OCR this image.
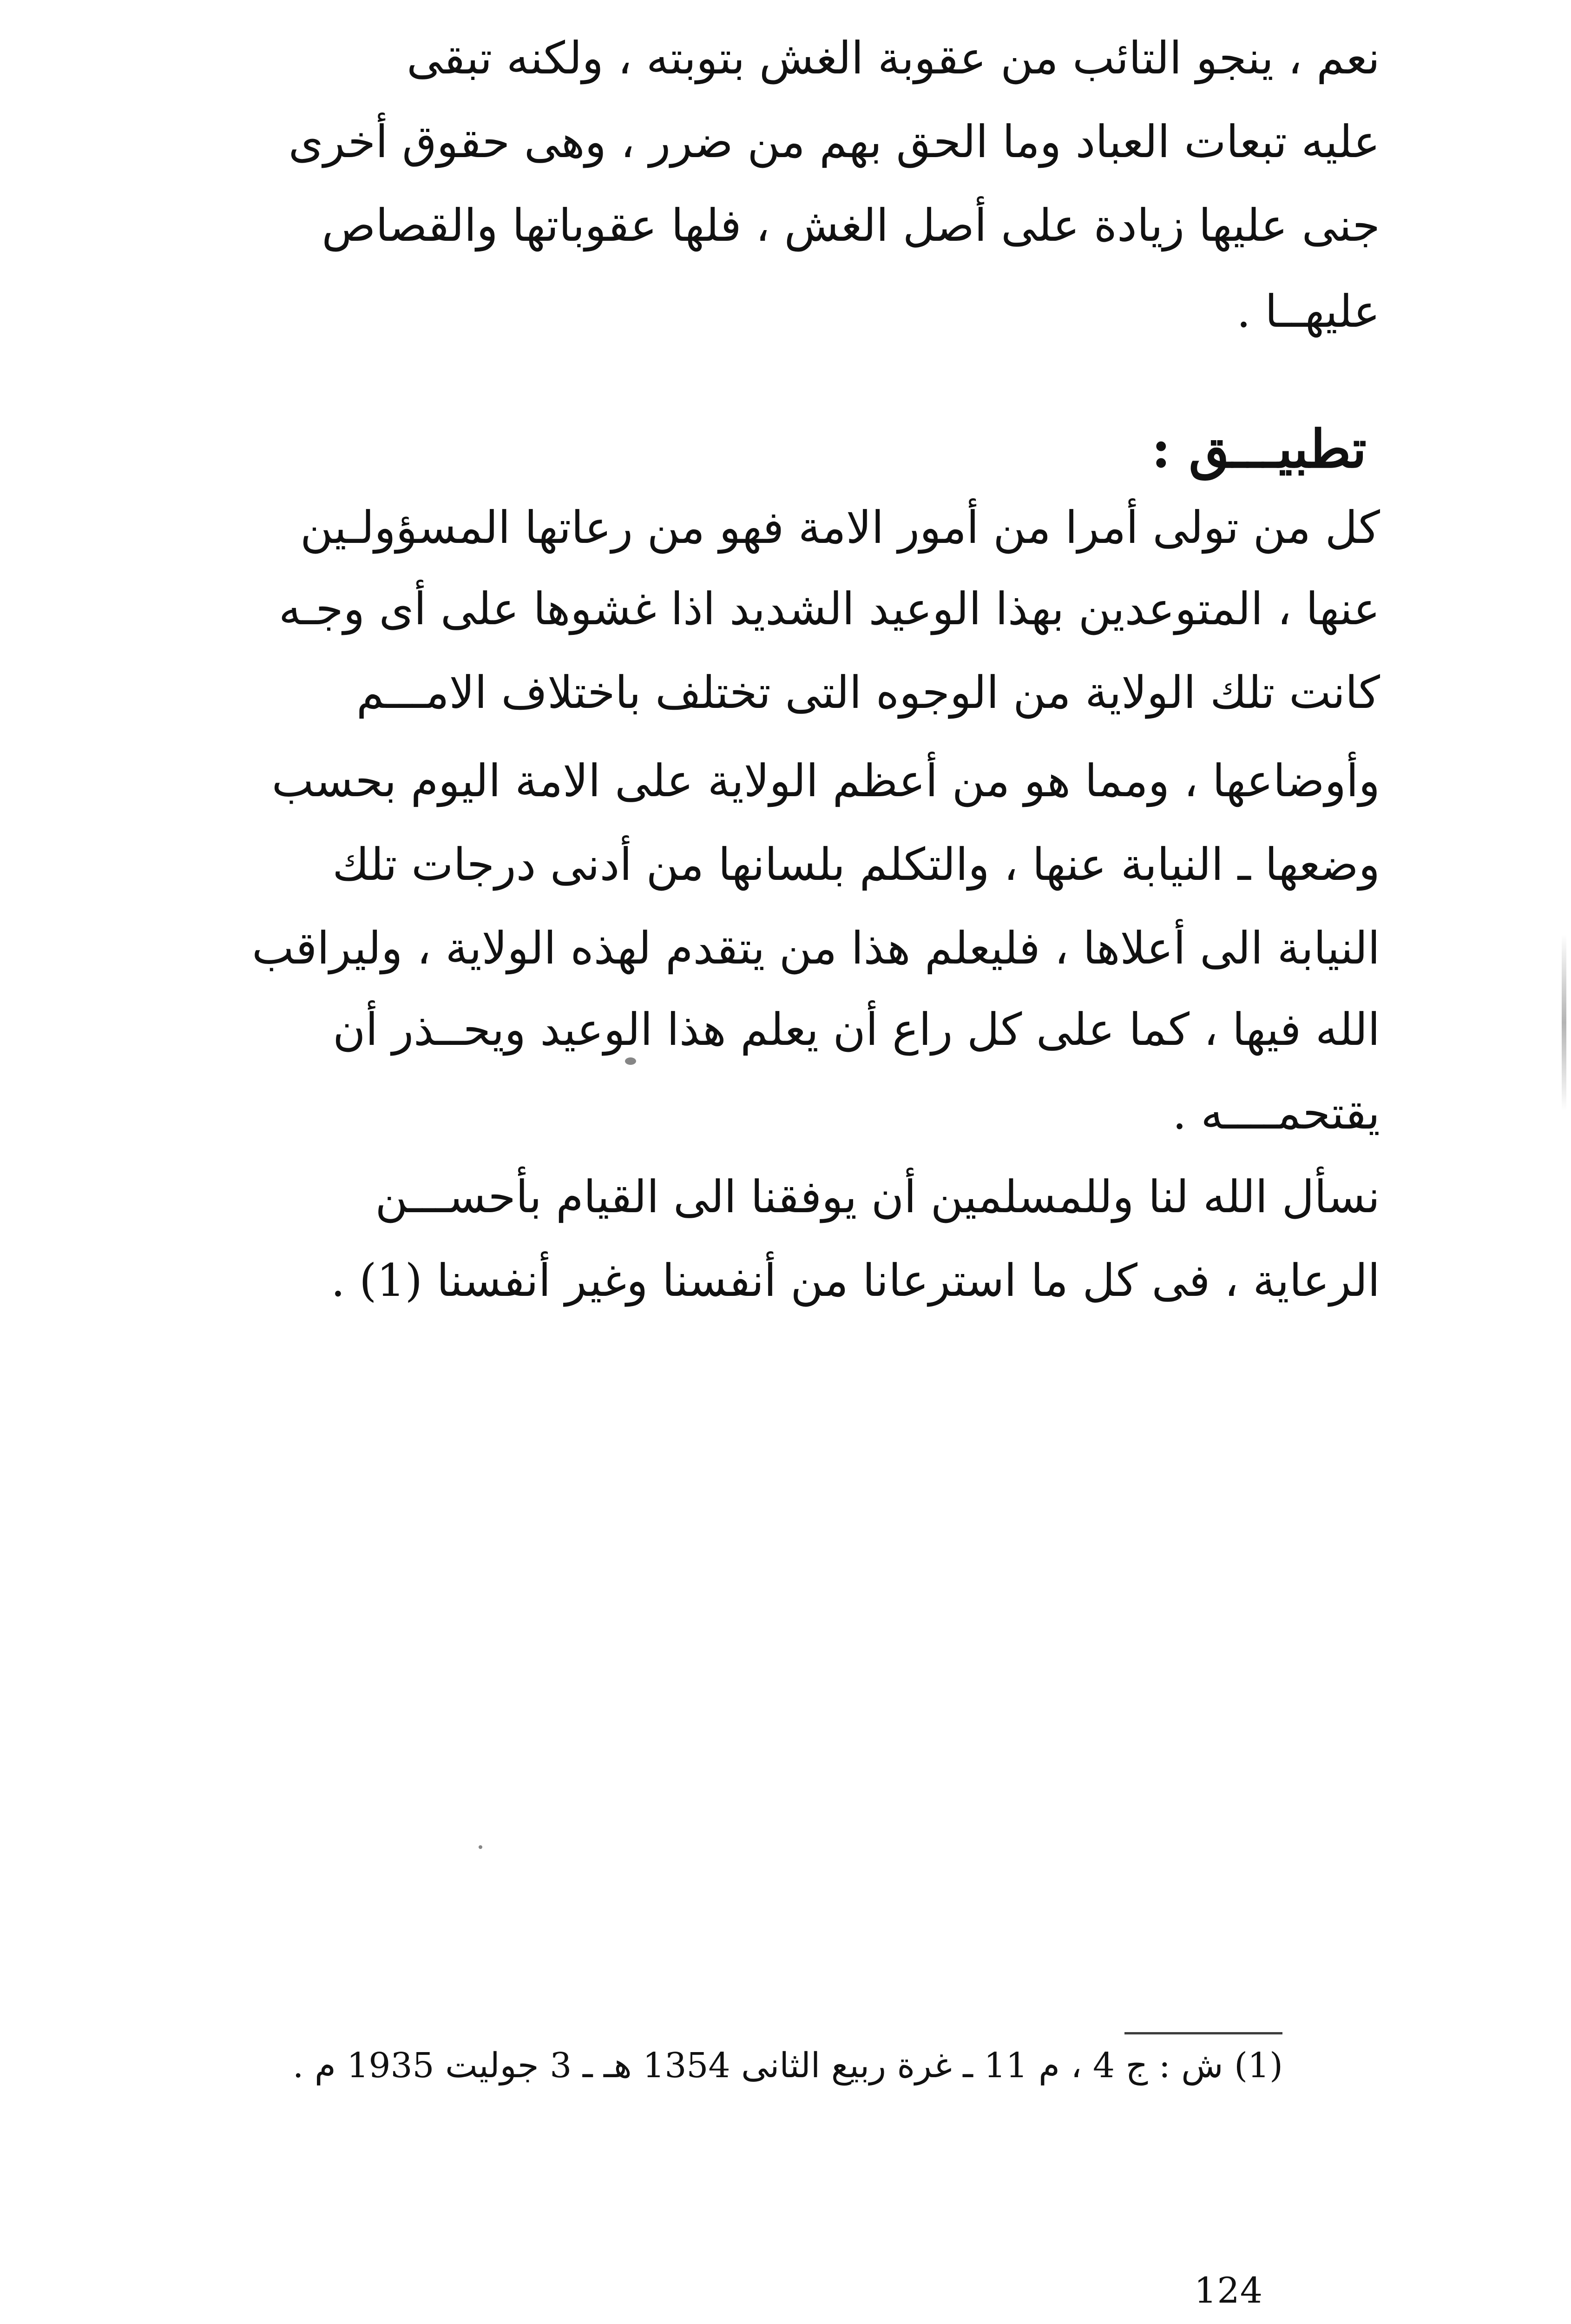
نعم ، ينجو التائب من عقوبة الغش بتوبته ، ولكنه تبقى
عليه تبعات العباد وما الحق بهم من ضرر ، وهى حقوق أخرى
جنى عليها زيادة على أصل الغش ، فلها عقوباتها والقصاص
عليهــا .
تطبيـــق :
كل من تولى أمرا من أمور الامة فهو من رعاتها المسؤولـين
عنها ، المتوعدين بهذا الوعيد الشديد اذا غشوها على أى وجـه
كانت تلك الولاية من الوجوه التى تختلف باختلاف الامـــم
وأوضاعها ، ومما هو من أعظم الولاية على الامة اليوم بحسب
وضعها ـ النيابة عنها ، والتكلم بلسانها من أدنى درجات تلك
النيابة الى أعلاها ، فليعلم هذا من يتقدم لهذه الولاية ، وليراقب
الله فيها ، كما على كل راع أن يعلم هذا الوعيد ويحــذر أن
يقتحمــــه .
نسأل الله لنا وللمسلمين أن يوفقنا الى القيام بأحســـن
الرعاية ، فى كل ما استرعانا من أنفسنا وغير أنفسنا (1) .
(1) ش : ج 4 ، م 11 ـ غرة ربيع الثانى 1354 هـ ـ 3 جوليت 1935 م .
124
